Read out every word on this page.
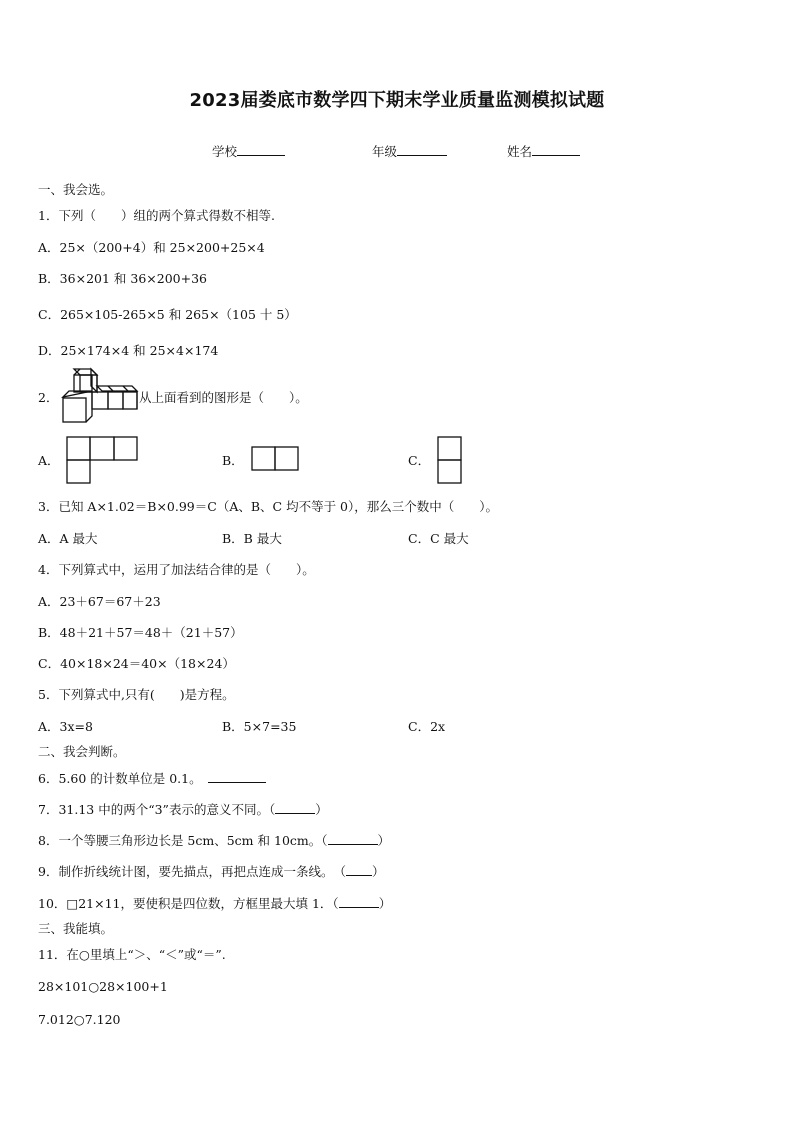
2023届娄底市数学四下期末学业质量监测模拟试题
学校	年级	姓名
一、我会选。
1．下列（　　）组的两个算式得数不相等.
A．25×（200+4）和 25×200+25×4
B．36×201 和 36×200+36
C．265×105-265×5 和 265×（105 十 5）
D．25×174×4 和 25×4×174
2．	从上面看到的图形是（　　）。
A．	B．	C．
3．已知 A×1.02＝B×0.99＝C（A、B、C 均不等于 0），那么三个数中（　　）。
A．A 最大	B．B 最大	C．C 最大
4．下列算式中，运用了加法结合律的是（　　）。
A．23＋67＝67＋23
B．48＋21＋57＝48＋（21＋57）
C．40×18×24＝40×（18×24）
5．下列算式中,只有(　　)是方程。
A．3x=8	B．5×7=35	C．2x
二、我会判断。
6．5.60 的计数单位是 0.1。
7．31.13 中的两个“3”表示的意义不同。（	）
8．一个等腰三角形边长是 5cm、5cm 和 10cm。（	）
9．制作折线统计图，要先描点，再把点连成一条线。　（ ）
10．□21×11，要使积是四位数，方框里最大填 1．（	）
三、我能填。
11．在○里填上“＞、“＜”或“＝”.
28×101○28×100+1
7.012○7.120
